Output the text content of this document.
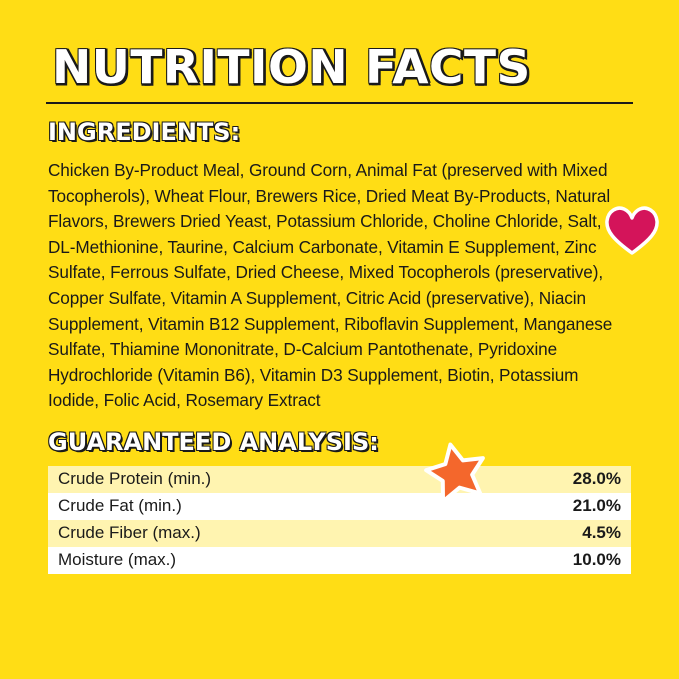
NUTRITION FACTS
INGREDIENTS:
Chicken By-Product Meal, Ground Corn, Animal Fat (preserved with Mixed Tocopherols), Wheat Flour, Brewers Rice, Dried Meat By-Products, Natural Flavors, Brewers Dried Yeast, Potassium Chloride, Choline Chloride, Salt, DL-Methionine, Taurine, Calcium Carbonate, Vitamin E Supplement, Zinc Sulfate, Ferrous Sulfate, Dried Cheese, Mixed Tocopherols (preservative), Copper Sulfate, Vitamin A Supplement, Citric Acid (preservative), Niacin Supplement, Vitamin B12 Supplement, Riboflavin Supplement, Manganese Sulfate, Thiamine Mononitrate, D-Calcium Pantothenate, Pyridoxine Hydrochloride (Vitamin B6), Vitamin D3 Supplement, Biotin, Potassium Iodide, Folic Acid, Rosemary Extract
GUARANTEED ANALYSIS:
Crude Protein (min.)	28.0%
Crude Fat (min.)	21.0%
Crude Fiber (max.)	4.5%
Moisture (max.)	10.0%
